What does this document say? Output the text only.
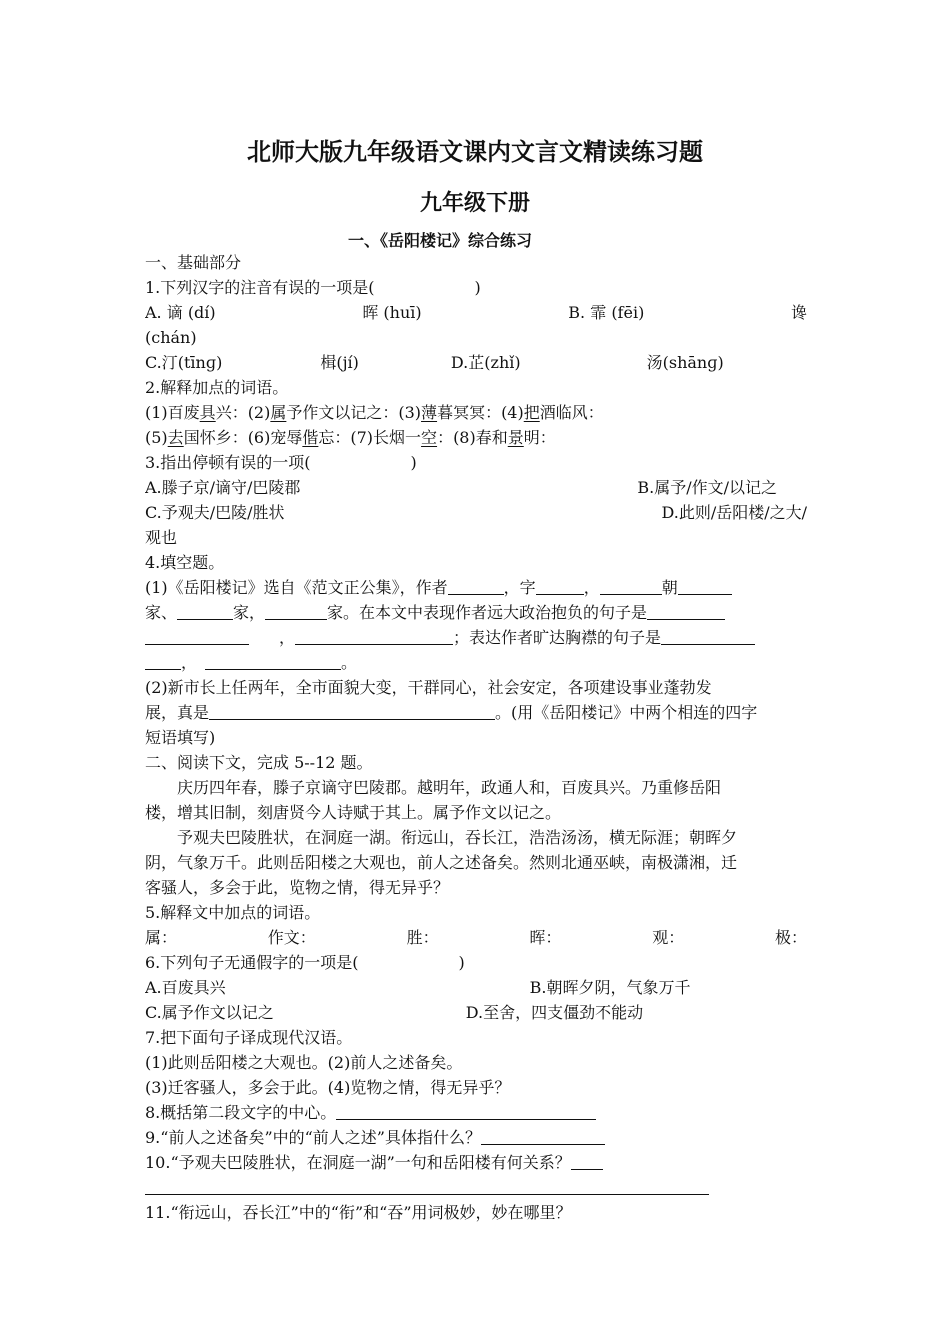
北师大版九年级语文课内文言文精读练习题
九年级下册
一、《岳阳楼记》综合练习
一、基础部分
1.下列汉字的注音有误的一项是(	)
A. 谪 (dí)	晖 (huī)	B. 霏 (fēi)	谗
(chán)
C.汀(tīnɡ)	楫(jí)	D.芷(zhǐ)	汤(shānɡ)
2.解释加点的词语。
(1)百废具兴：(2)属予作文以记之：(3)薄暮冥冥：(4)把酒临风：
(5)去国怀乡：(6)宠辱偕忘：(7)长烟一空：(8)春和景明：
3.指出停顿有误的一项(	)
A.滕子京/谪守/巴陵郡	B.属予/作文/以记之
C.予观夫/巴陵/胜状	D.此则/岳阳楼/之大/
观也
4.填空题。
(1)《岳阳楼记》选自《范文正公集》，作者	，字	，	朝
家、	家，	家。在本文中表现作者远大政治抱负的句子是
，	；表达作者旷达胸襟的句子是
，	。
(2)新市长上任两年，全市面貌大变，干群同心，社会安定，各项建设事业蓬勃发
展，真是	。(用《岳阳楼记》中两个相连的四字
短语填写)
二、阅读下文，完成 5--12 题。
庆历四年春，滕子京谪守巴陵郡。越明年，政通人和，百废具兴。乃重修岳阳
楼，增其旧制，刻唐贤今人诗赋于其上。属予作文以记之。
予观夫巴陵胜状，在洞庭一湖。衔远山，吞长江，浩浩汤汤，横无际涯；朝晖夕
阴，气象万千。此则岳阳楼之大观也，前人之述备矣。然则北通巫峡，南极潇湘，迁
客骚人，多会于此，览物之情，得无异乎？
5.解释文中加点的词语。
属：	作文：	胜：	晖：	观：	极：
6.下列句子无通假字的一项是(	)
A.百废具兴	B.朝晖夕阴，气象万千
C.属予作文以记之	D.至舍，四支僵劲不能动
7.把下面句子译成现代汉语。
(1)此则岳阳楼之大观也。(2)前人之述备矣。
(3)迁客骚人，多会于此。(4)览物之情，得无异乎？
8.概括第二段文字的中心。
9.“前人之述备矣”中的“前人之述”具体指什么？
10.“予观夫巴陵胜状，在洞庭一湖”一句和岳阳楼有何关系？
11.“衔远山，吞长江”中的“衔”和“吞”用词极妙，妙在哪里？
